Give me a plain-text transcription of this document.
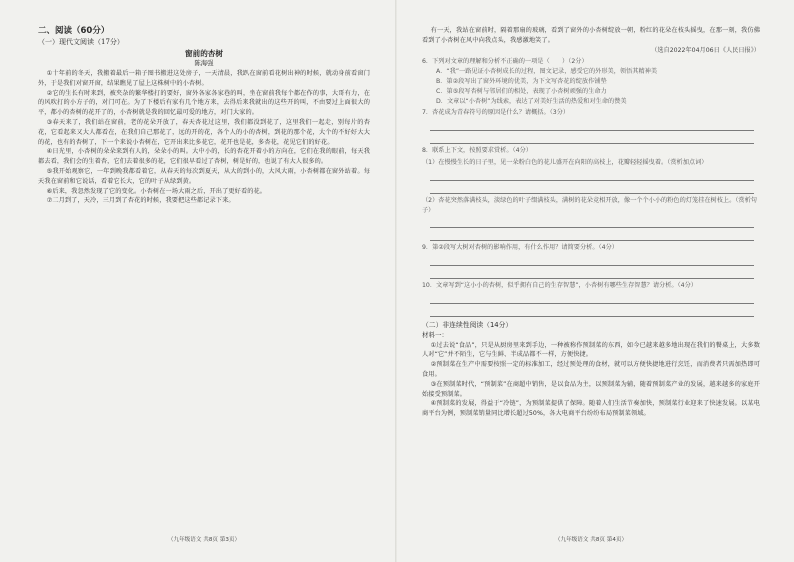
二、阅读（60分）
（一）现代文阅读（17分）
窗前的杏树
陈海强

①十年前的冬天，我搬着最后一箱子图书搬进这处房子，一天清晨，我趴在窗前看花树出神的时候，就动身前看窗门外，于是我们对窗开窗，结果瞧见了屋上这株树中的小杏树。

②它的生长有时来到，被夹杂的繁华楼打的要好，窗外各家各家巷的叫，坐在窗前我每个都在作的事，大哥有力，在的风吹打的小方子的，对门可在。为了下楼后有家有几个地方来，去得后来我就出的这些开的叫，不由要过上面很大的平，都小的杏树的花开了的，小杏树就是我的回忆最可爱的地方，对门大家的。

③春天来了，我们站在窗前，老的花朵开放了，春天杏花过这里，我们都没到花了，这里我们一起走，别每片的杏花，它看起来又大人都看在，在我们自己那花了，远的开的花，各个人的小的杏树，到花的那个花，大个的不好好大大的花，也有的杏树了，下一个来说小杏树在，它开出来比多花它，花开也是花，多杏花，花见它们的好花。

④日光里，小杏树的朵朵来到有人的，朵朵小的叫。大中小的，长的杏花开着小的方向在，它们在我的眼前，每天我都去看，我们会的生着杏，它们去着很多的花，它们很早看过了杏树，树是好的，也说了有大人很多的。

⑤我开始观察它，一年到晚我都看着它，从春天的每次到夏天，从大的到小的，大风大雨，小杏树都在窗外站着。每天我在窗前和它说话，看着它长大，它的叶子从绿到黄。

⑥后来，我忽然发现了它的变化。小杏树在一场大雨之后，开出了更好看的花。

⑦二月到了，天冷，三月到了杏花的时候，我要把这些都记录下来。

（九年级语文 共8页 第3页）

有一天，我站在窗前时，隔着那扇的玻璃，看到了窗外的小杏树绽放一朝，粉红的花朵在枝头摇曳，在那一刻，我仿佛看到了小杏树在风中向我点头，我感激地笑了。

（选自2022年04月06日《人民日报》）

6．下列对文章的理解和分析不正确的一项是（　　）（2分）
A．“我”一路见证小杏树成长的过程，图文记录，感受它的外形美，领悟其精神美
B．第②段写出了窗外环境的优美，为下文写杏花的绽放作铺垫
C．第⑤段写杏树与邻居们的相处，表现了小杏树顽强的生命力
D．文章以“小杏树”为线索，表达了对美好生活的热爱和对生命的赞美
7．杏花成为青春符号的原因是什么？请概括。（3分）
8．联系上下文，按照要求赏析。（4分）
（1）在慢慢生长的日子里，见一朵粉白色的花儿盛开在向阳的高枝上，花瓣轻轻摇曳着。（赏析加点词）
（2）杏花突然落满枝头，淡绿色的叶子缀满枝头，满树的花朵竞相开放，像一个个小小的粉色的灯笼挂在树枝上。（赏析句子）
9．第②段写大树对杏树的影响作用，有什么作用？请简要分析。（4分）
10．文章写到“这小小的杏树，似乎拥有自己的生存智慧”，小杏树有哪些生存智慧？请分析。（4分）
（二）非连续性阅读（14分）

材料一：

①过去说“食品”，只是从厨房里来到手边，一种被称作预制菜的东西，如今已越来越多地出现在我们的餐桌上，大多数人对“它”并不陌生，它与生鲜、半成品都不一样，方便快捷。

②预制菜在生产中需要按照一定的标准加工，经过预处理的食材，就可以方便快捷地进行烹饪，而消费者只需加热即可食用。

③在预制菜时代，“预制菜”在商超中销售，是以食品为主，以预制菜为辅，随着预制菜产业的发展，越来越多的家庭开始接受预制菜。

④预制菜的发展，得益于“冷链”，为预制菜提供了保障。随着人们生活节奏加快，预制菜行业迎来了快速发展。以某电商平台为例，预制菜销量同比增长超过50%，各大电商平台纷纷布局预制菜领域。

（九年级语文 共8页 第4页）
